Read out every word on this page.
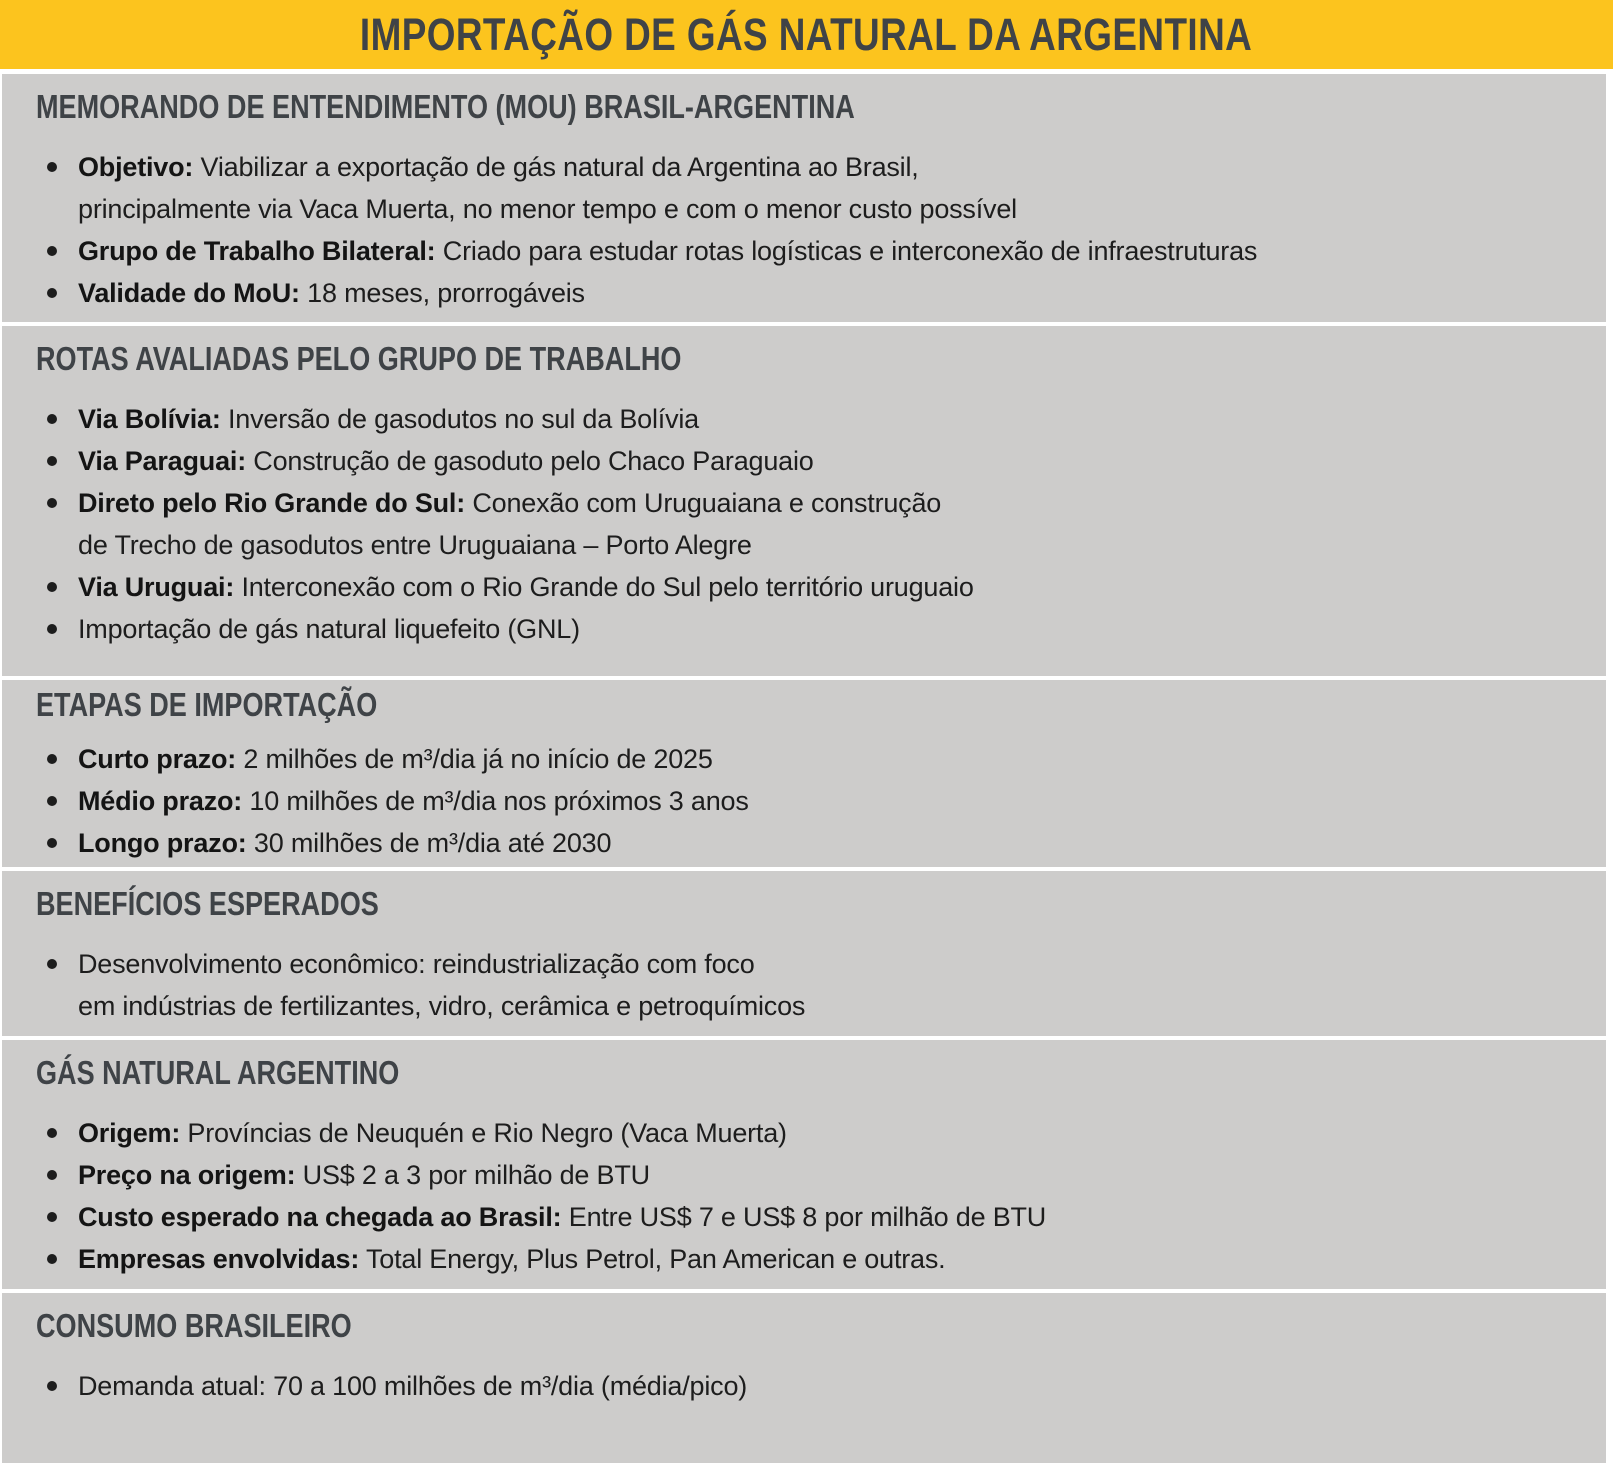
IMPORTAÇÃO DE GÁS NATURAL DA ARGENTINA
MEMORANDO DE ENTENDIMENTO (MOU) BRASIL-ARGENTINA
Objetivo: Viabilizar a exportação de gás natural da Argentina ao Brasil,
principalmente via Vaca Muerta, no menor tempo e com o menor custo possível
Grupo de Trabalho Bilateral: Criado para estudar rotas logísticas e interconexão de infraestruturas
Validade do MoU: 18 meses, prorrogáveis
ROTAS AVALIADAS PELO GRUPO DE TRABALHO
Via Bolívia: Inversão de gasodutos no sul da Bolívia
Via Paraguai: Construção de gasoduto pelo Chaco Paraguaio
Direto pelo Rio Grande do Sul: Conexão com Uruguaiana e construção
de Trecho de gasodutos entre Uruguaiana – Porto Alegre
Via Uruguai: Interconexão com o Rio Grande do Sul pelo território uruguaio
Importação de gás natural liquefeito (GNL)
ETAPAS DE IMPORTAÇÃO
Curto prazo: 2 milhões de m³/dia já no início de 2025
Médio prazo: 10 milhões de m³/dia nos próximos 3 anos
Longo prazo: 30 milhões de m³/dia até 2030
BENEFÍCIOS ESPERADOS
Desenvolvimento econômico: reindustrialização com foco
em indústrias de fertilizantes, vidro, cerâmica e petroquímicos
GÁS NATURAL ARGENTINO
Origem: Províncias de Neuquén e Rio Negro (Vaca Muerta)
Preço na origem: US$ 2 a 3 por milhão de BTU
Custo esperado na chegada ao Brasil: Entre US$ 7 e US$ 8 por milhão de BTU
Empresas envolvidas: Total Energy, Plus Petrol, Pan American e outras.
CONSUMO BRASILEIRO
Demanda atual: 70 a 100 milhões de m³/dia (média/pico)
